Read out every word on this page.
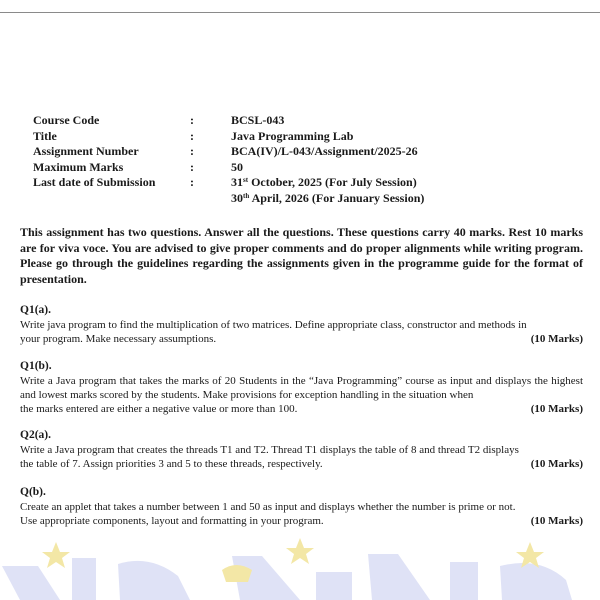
Course Code	:	BCSL-043
Title	:	Java Programming Lab
Assignment Number	:	BCA(IV)/L-043/Assignment/2025-26
Maximum Marks	:	50
Last date of Submission	:	31st October, 2025 (For July Session)
30th April, 2026 (For January Session)
This assignment has two questions. Answer all the questions. These questions carry 40 marks. Rest 10 marks are for viva voce. You are advised to give proper comments and do proper alignments while writing program. Please go through the guidelines regarding the assignments given in the programme guide for the format of presentation.
Q1(a).
Write java program to find the multiplication of two matrices. Define appropriate class, constructor and methods in
your program. Make necessary assumptions.	(10 Marks)
Q1(b).
Write a Java program that takes the marks of 20 Students in the “Java Programming” course as input and displays the highest and lowest marks scored by the students. Make provisions for exception handling in the situation when
the marks entered are either a negative value or more than 100.	(10 Marks)
Q2(a).
Write a Java program that creates the threads T1 and T2. Thread T1 displays the table of 8 and thread T2 displays
the table of 7. Assign priorities 3 and 5 to these threads, respectively.	(10 Marks)
Q(b).
Create an applet that takes a number between 1 and 50 as input and displays whether the number is prime or not.
Use appropriate components, layout and formatting in your program.	(10 Marks)
